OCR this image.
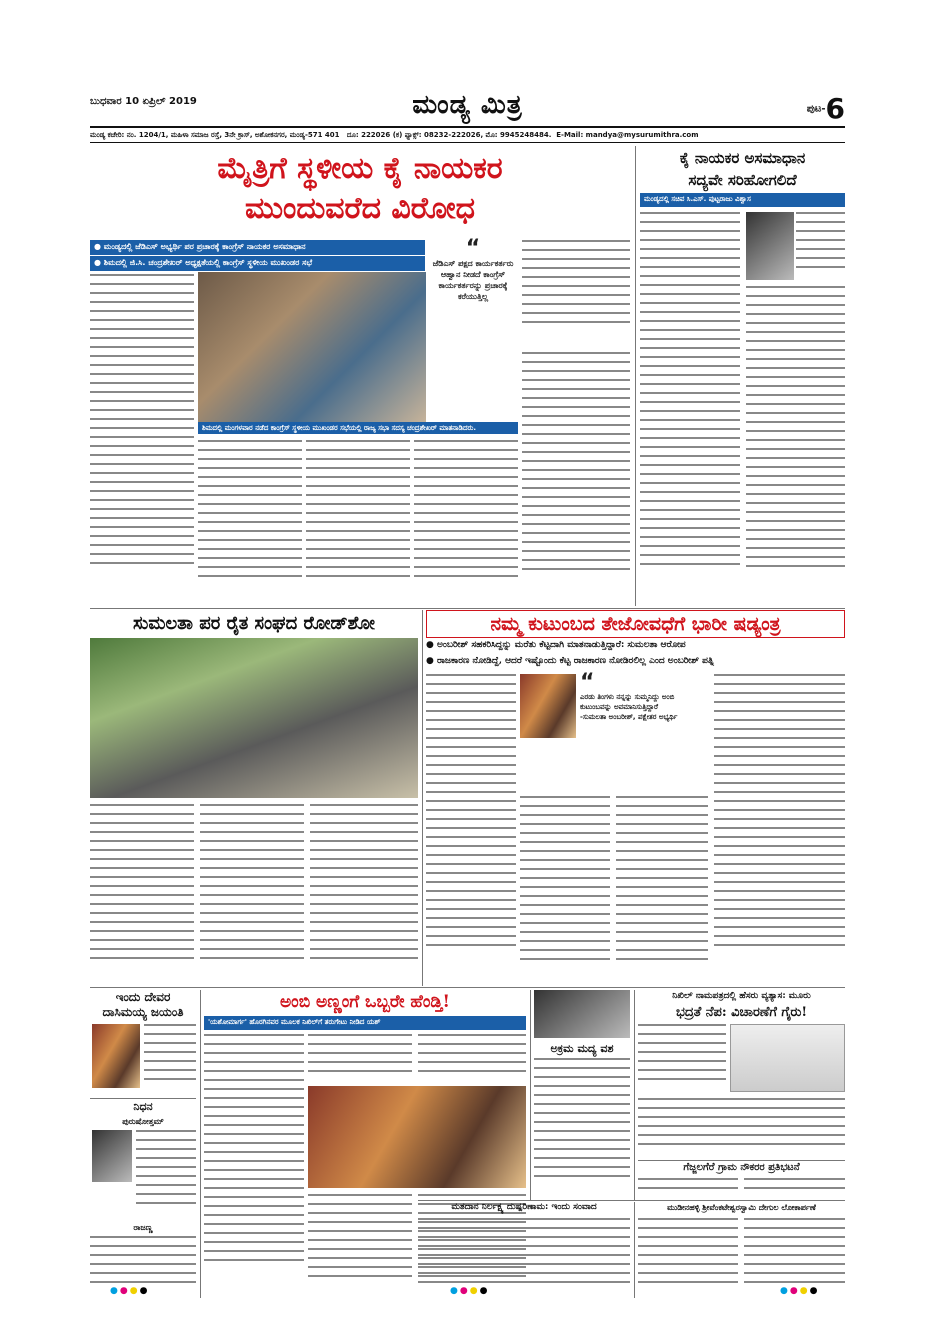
ಬುಧವಾರ 10 ಏಪ್ರಿಲ್ 2019	ಮಂಡ್ಯ ಮಿತ್ರ	ಪುಟ-6
ಮಂಡ್ಯ ಕಚೇರಿ: ನಂ. 1204/1, ಮಹಿಳಾ ಸಮಾಜ ರಸ್ತೆ, 3ನೇ ಕ್ರಾಸ್, ಅಶೋಕನಗರ, ಮಂಡ್ಯ-571 401 ದೂ: 222026 (ಕ) ಫ್ಯಾಕ್ಸ್: 08232-222026, ಮೊ: 9945248484. E-Mail: mandya@mysurumithra.com
ಮೈತ್ರಿಗೆ ಸ್ಥಳೀಯ ಕೈ ನಾಯಕರ
ಮುಂದುವರೆದ ವಿರೋಧ
ಕೈ ನಾಯಕರ ಅಸಮಾಧಾನ
ಸದ್ಯವೇ ಸರಿಹೋಗಲಿದೆ
ಮಂಡ್ಯದಲ್ಲಿ ಸಚಿವ ಸಿ.ಎಸ್. ಪುಟ್ಟರಾಜು ವಿಶ್ವಾಸ
● ಮಂಡ್ಯದಲ್ಲಿ ಜೆಡಿಎಸ್ ಅಭ್ಯರ್ಥಿ ಪರ ಪ್ರಚಾರಕ್ಕೆ ಕಾಂಗ್ರೆಸ್ ನಾಯಕರ ಅಸಮಾಧಾನ
● ಶಿಮದಲ್ಲಿ ಜಿ.ಸಿ. ಚಂದ್ರಶೇಖರ್ ಅಧ್ಯಕ್ಷತೆಯಲ್ಲಿ ಕಾಂಗ್ರೆಸ್ ಸ್ಥಳೀಯ ಮುಖಂಡರ ಸಭೆ
“
ಜೆಡಿಎಸ್ ಪಕ್ಷದ ಕಾರ್ಯಕರ್ತರು ಆಹ್ವಾನ ನೀಡದೆ ಕಾಂಗ್ರೆಸ್ ಕಾರ್ಯಕರ್ತರನ್ನು ಪ್ರಚಾರಕ್ಕೆ ಕರೆಯುತ್ತಿಲ್ಲ
ಶಿಮದಲ್ಲಿ ಮಂಗಳವಾರ ನಡೆದ ಕಾಂಗ್ರೆಸ್ ಸ್ಥಳೀಯ ಮುಖಂಡರ ಸಭೆಯಲ್ಲಿ ರಾಜ್ಯ ಸಭಾ ಸದಸ್ಯ ಚಂದ್ರಶೇಖರ್ ಮಾತನಾಡಿದರು.
ಸುಮಲತಾ ಪರ ರೈತ ಸಂಘದ ರೋಡ್‌ಶೋ	ನಮ್ಮ ಕುಟುಂಬದ ತೇಜೋವಧೆಗೆ ಭಾರೀ ಷಡ್ಯಂತ್ರ
● ಅಂಬರೀಶ್ ಸಹಕರಿಸಿದ್ದನ್ನು ಮರೆತು ಕೆಟ್ಟದಾಗಿ ಮಾತನಾಡುತ್ತಿದ್ದಾರೆ: ಸುಮಲತಾ ಆರೋಪ
● ರಾಜಕಾರಣ ನೋಡಿದ್ದೆ, ಆದರೆ ಇಷ್ಟೊಂದು ಕೆಟ್ಟ ರಾಜಕಾರಣ ನೋಡಿರಲಿಲ್ಲ ಎಂದ ಅಂಬರೀಶ್ ಪತ್ನಿ
“
ಎರಡು ತಿಂಗಳು ನನ್ನನ್ನು ಸುಮ್ಮನಿದ್ದು ಅಂಬಿ ಕುಟುಂಬವನ್ನು ಅವಮಾನಿಸುತ್ತಿದ್ದಾರೆ
-ಸುಮಲತಾ ಅಂಬರೀಶ್, ಪಕ್ಷೇತರ ಅಭ್ಯರ್ಥಿ
ಇಂದು ದೇವರ
ದಾಸಿಮಯ್ಯ ಜಯಂತಿ
ನಿಧನ
ಪುರುಷೋತ್ತಮ್
ರಾಜಣ್ಣ
ಅಂಬಿ ಅಣ್ಣಂಗೆ ಒಬ್ಬರೇ ಹೆಂಡ್ತಿ!
'ಯಶೋಮಾರ್ಗ' ಹೊರಗಿನವರ ಮೂಲಕ ನಿಖಿಲ್‌ಗೆ ತರುಗೇಟು ನೀಡಿದ ಯಶ್
ಅಕ್ರಮ ಮದ್ಯ ವಶ
ನಿಖಿಲ್ ನಾಮಪತ್ರದಲ್ಲಿ ಹೆಸರು ವ್ಯತ್ಯಾಸ: ಮೂರು
ಭದ್ರತೆ ನೆಪ: ವಿಚಾರಣೆಗೆ ಗೈರು!
ಗೆಜ್ಜಲಗೆರೆ ಗ್ರಾಮ ನೌಕರರ ಪ್ರತಿಭಟನೆ
ಮತದಾನ ನಿರ್ಲಕ್ಷ್ಯ ದುಷ್ಪರಿಣಾಮ: ಇಂದು ಸಂವಾದ	ಮುಡೀನಹಳ್ಳಿ ಶ್ರೀವೆಂಕಟೇಶ್ವರಸ್ವಾಮಿ ದೇಗುಲ ಲೋಕಾರ್ಪಣೆ
●●●●	●●●●	●●●●
